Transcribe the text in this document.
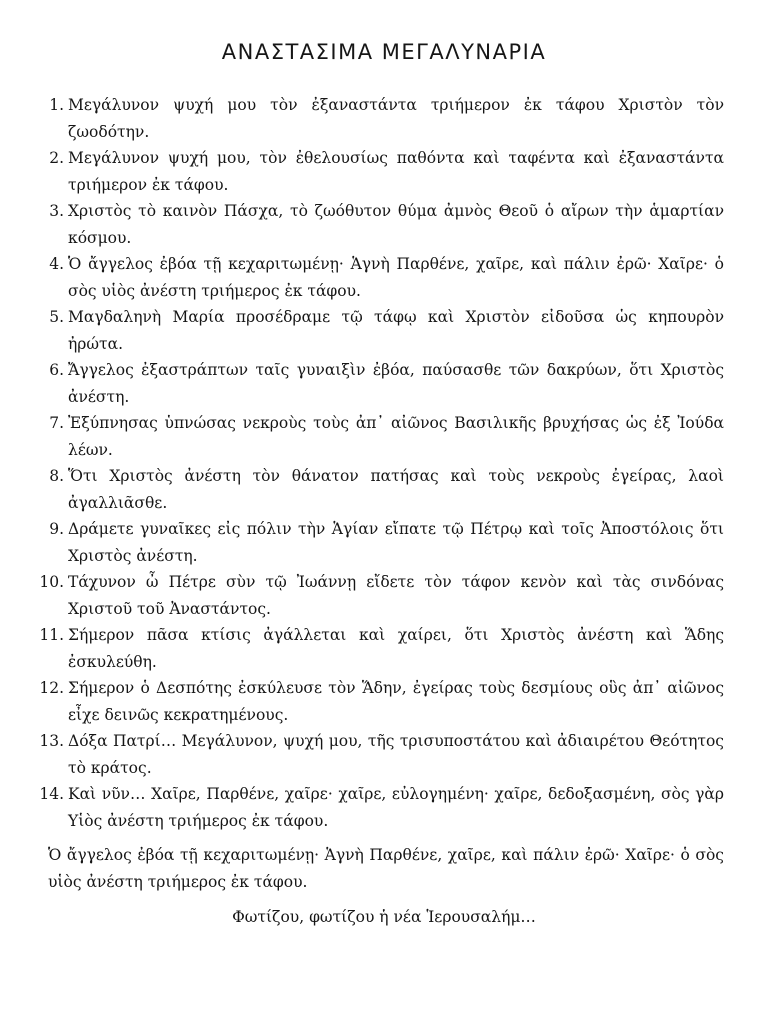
ΑΝΑΣΤΑΣΙΜΑ ΜΕΓΑΛΥΝΑΡΙΑ
1. Μεγάλυνον ψυχή μου τὸν ἐξαναστάντα τριήμερον ἐκ τάφου Χριστὸν τὸν ζωοδότην.
2. Μεγάλυνον ψυχή μου, τὸν ἐθελουσίως παθόντα καὶ ταφέντα καὶ ἐξαναστάντα τριήμερον ἐκ τάφου.
3. Χριστὸς τὸ καινὸν Πάσχα, τὸ ζωόθυτον θύμα ἀμνὸς Θεοῦ ὁ αἴρων τὴν ἁμαρτίαν κόσμου.
4. Ὁ ἄγγελος ἐβόα τῇ κεχαριτωμένῃ· Ἁγνὴ Παρθένε, χαῖρε, καὶ πάλιν ἐρῶ· Χαῖρε· ὁ σὸς υἱὸς ἀνέστη τριήμερος ἐκ τάφου.
5. Μαγδαληνὴ Μαρία προσέδραμε τῷ τάφῳ καὶ Χριστὸν εἰδοῦσα ὡς κηπουρὸν ἠρώτα.
6. Ἄγγελος ἐξαστράπτων ταῖς γυναιξὶν ἐβόα, παύσασθε τῶν δακρύων, ὅτι Χριστὸς ἀνέστη.
7. Ἐξύπνησας ὑπνώσας νεκροὺς τοὺς ἀπ᾽ αἰῶνος Βασιλικῆς βρυχήσας ὡς ἐξ Ἰούδα λέων.
8. Ὅτι Χριστὸς ἀνέστη τὸν θάνατον πατήσας καὶ τοὺς νεκροὺς ἐγείρας, λαοὶ ἀγαλλιᾶσθε.
9. Δράμετε γυναῖκες εἰς πόλιν τὴν Ἁγίαν εἴπατε τῷ Πέτρῳ καὶ τοῖς Ἀποστόλοις ὅτι Χριστὸς ἀνέστη.
10. Τάχυνον ὦ Πέτρε σὺν τῷ Ἰωάννῃ εἴδετε τὸν τάφον κενὸν καὶ τὰς σινδόνας Χριστοῦ τοῦ Ἀναστάντος.
11. Σήμερον πᾶσα κτίσις ἀγάλλεται καὶ χαίρει, ὅτι Χριστὸς ἀνέστη καὶ Ἅδης ἐσκυλεύθη.
12. Σήμερον ὁ Δεσπότης ἐσκύλευσε τὸν Ἅδην, ἐγείρας τοὺς δεσμίους οὓς ἀπ᾽ αἰῶνος εἶχε δεινῶς κεκρατημένους.
13. Δόξα Πατρί… Μεγάλυνον, ψυχή μου, τῆς τρισυποστάτου καὶ ἀδιαιρέτου Θεότητος τὸ κράτος.
14. Καὶ νῦν… Χαῖρε, Παρθένε, χαῖρε· χαῖρε, εὐλογημένη· χαῖρε, δεδοξασμένη, σὸς γὰρ Υἱὸς ἀνέστη τριήμερος ἐκ τάφου.

Ὁ ἄγγελος ἐβόα τῇ κεχαριτωμένῃ· Ἁγνὴ Παρθένε, χαῖρε, καὶ πάλιν ἐρῶ· Χαῖρε· ὁ σὸς υἱὸς ἀνέστη τριήμερος ἐκ τάφου.

Φωτίζου, φωτίζου ἡ νέα Ἱερουσαλήμ…
